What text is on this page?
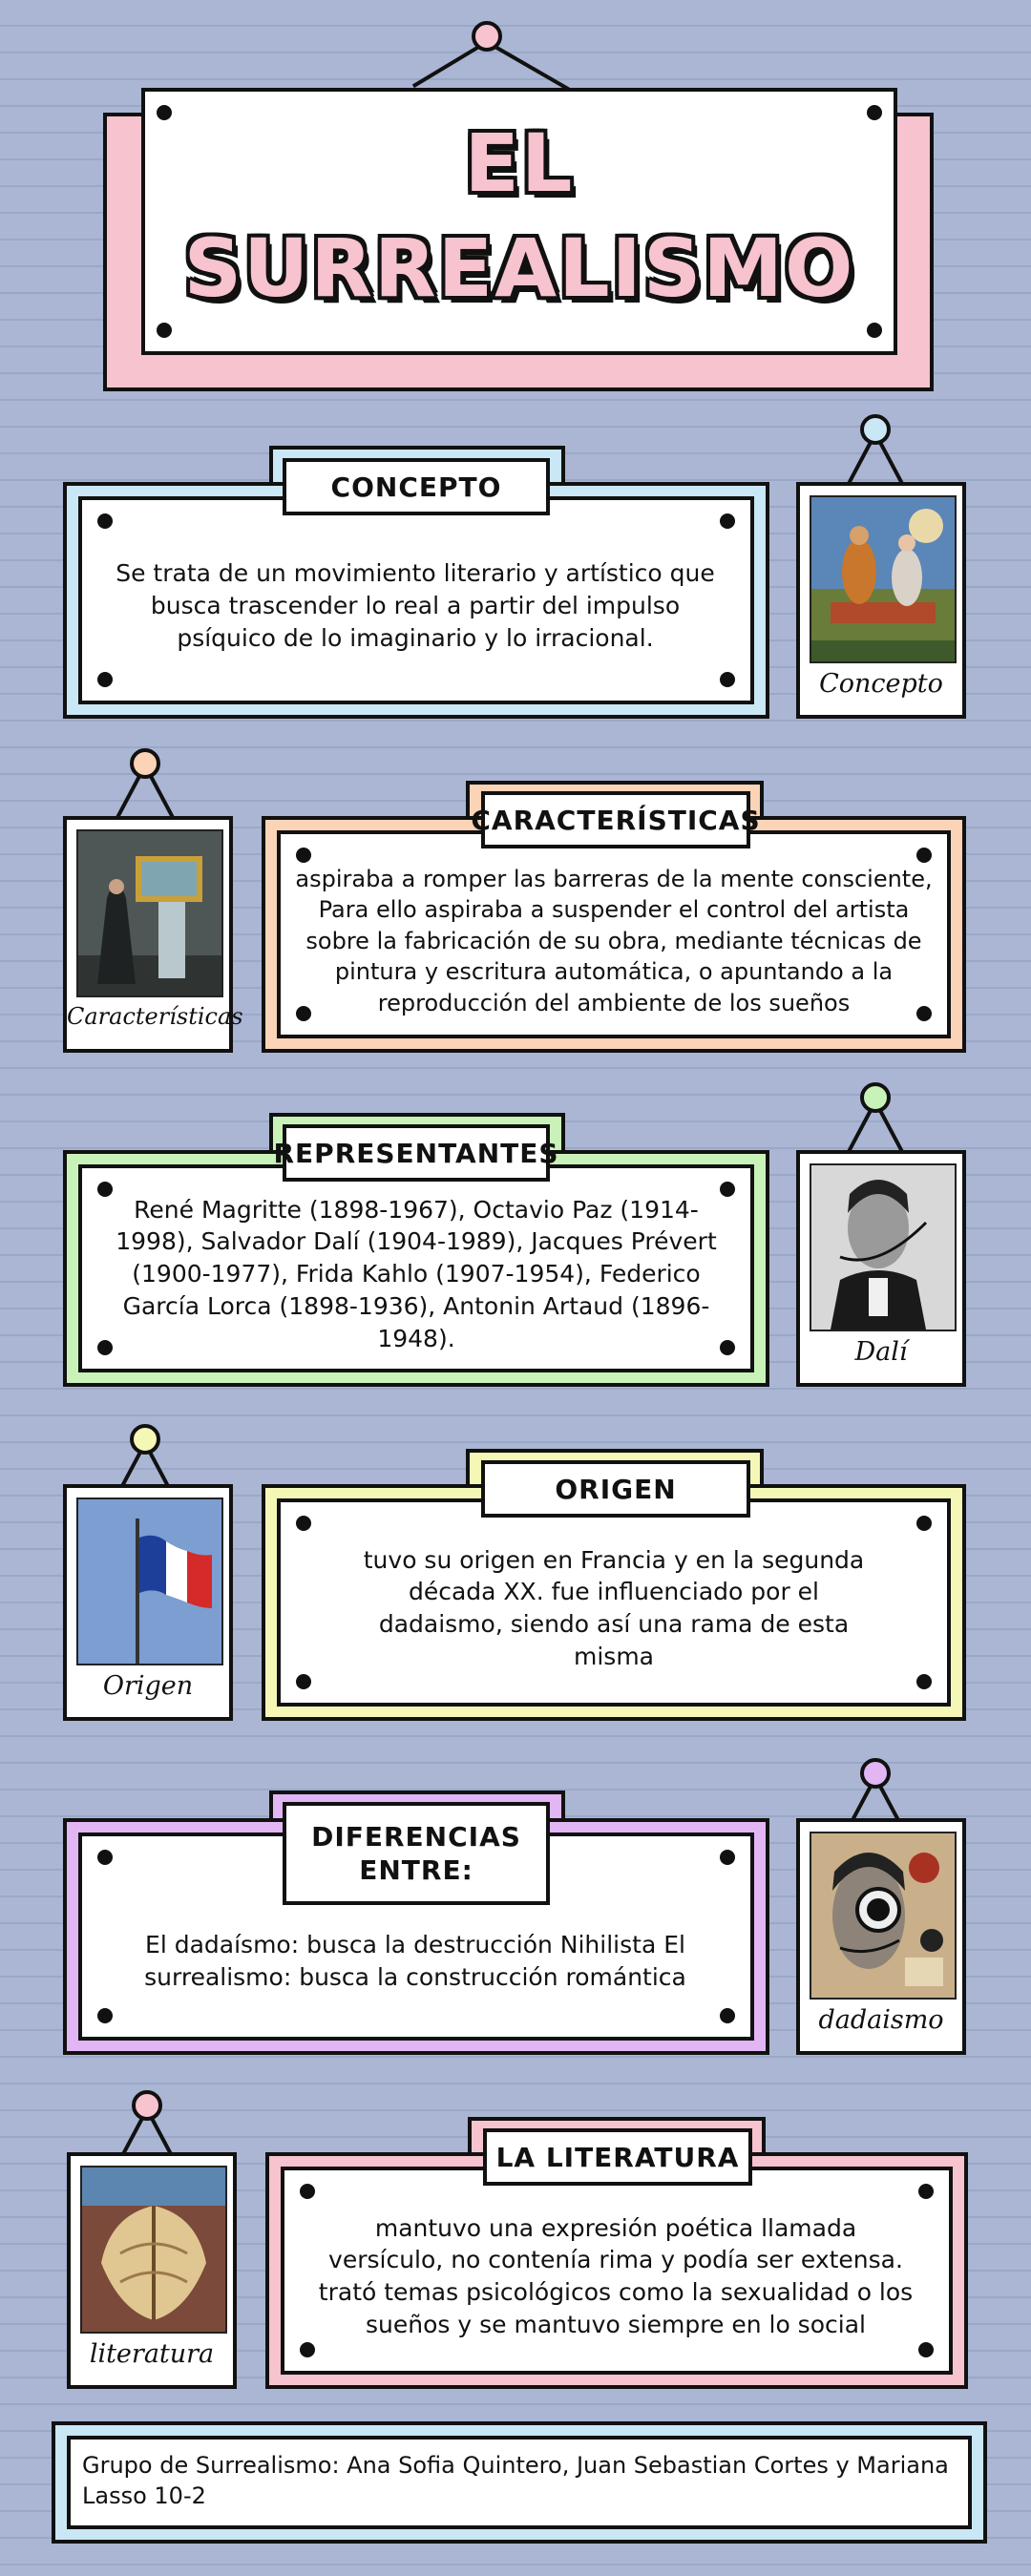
EL
SURREALISMO
CONCEPTO
Se trata de un movimiento literario y artístico que busca trascender lo real a partir del impulso psíquico de lo imaginario y lo irracional.
Concepto
Características
CARACTERÍSTICAS
aspiraba a romper las barreras de la mente consciente, Para ello aspiraba a suspender el control del artista sobre la fabricación de su obra, mediante técnicas de pintura y escritura automática, o apuntando a la reproducción del ambiente de los sueños
REPRESENTANTES
René Magritte (1898-1967), Octavio Paz (1914-1998), Salvador Dalí (1904-1989), Jacques Prévert (1900-1977), Frida Kahlo (1907-1954), Federico García Lorca (1898-1936), Antonin Artaud (1896-1948).	Dalí
Origen
ORIGEN
tuvo su origen en Francia y en la segunda década XX. fue influenciado por el dadaismo, siendo así una rama de esta misma
DIFERENCIAS ENTRE:
El dadaísmo: busca la destrucción Nihilista El surrealismo: busca la construcción romántica
dadaismo
literatura
LA LITERATURA
mantuvo una expresión poética llamada versículo, no contenía rima y podía ser extensa. trató temas psicológicos como la sexualidad o los sueños y se mantuvo siempre en lo social
Grupo de Surrealismo: Ana Sofia Quintero, Juan Sebastian Cortes y Mariana Lasso 10-2
